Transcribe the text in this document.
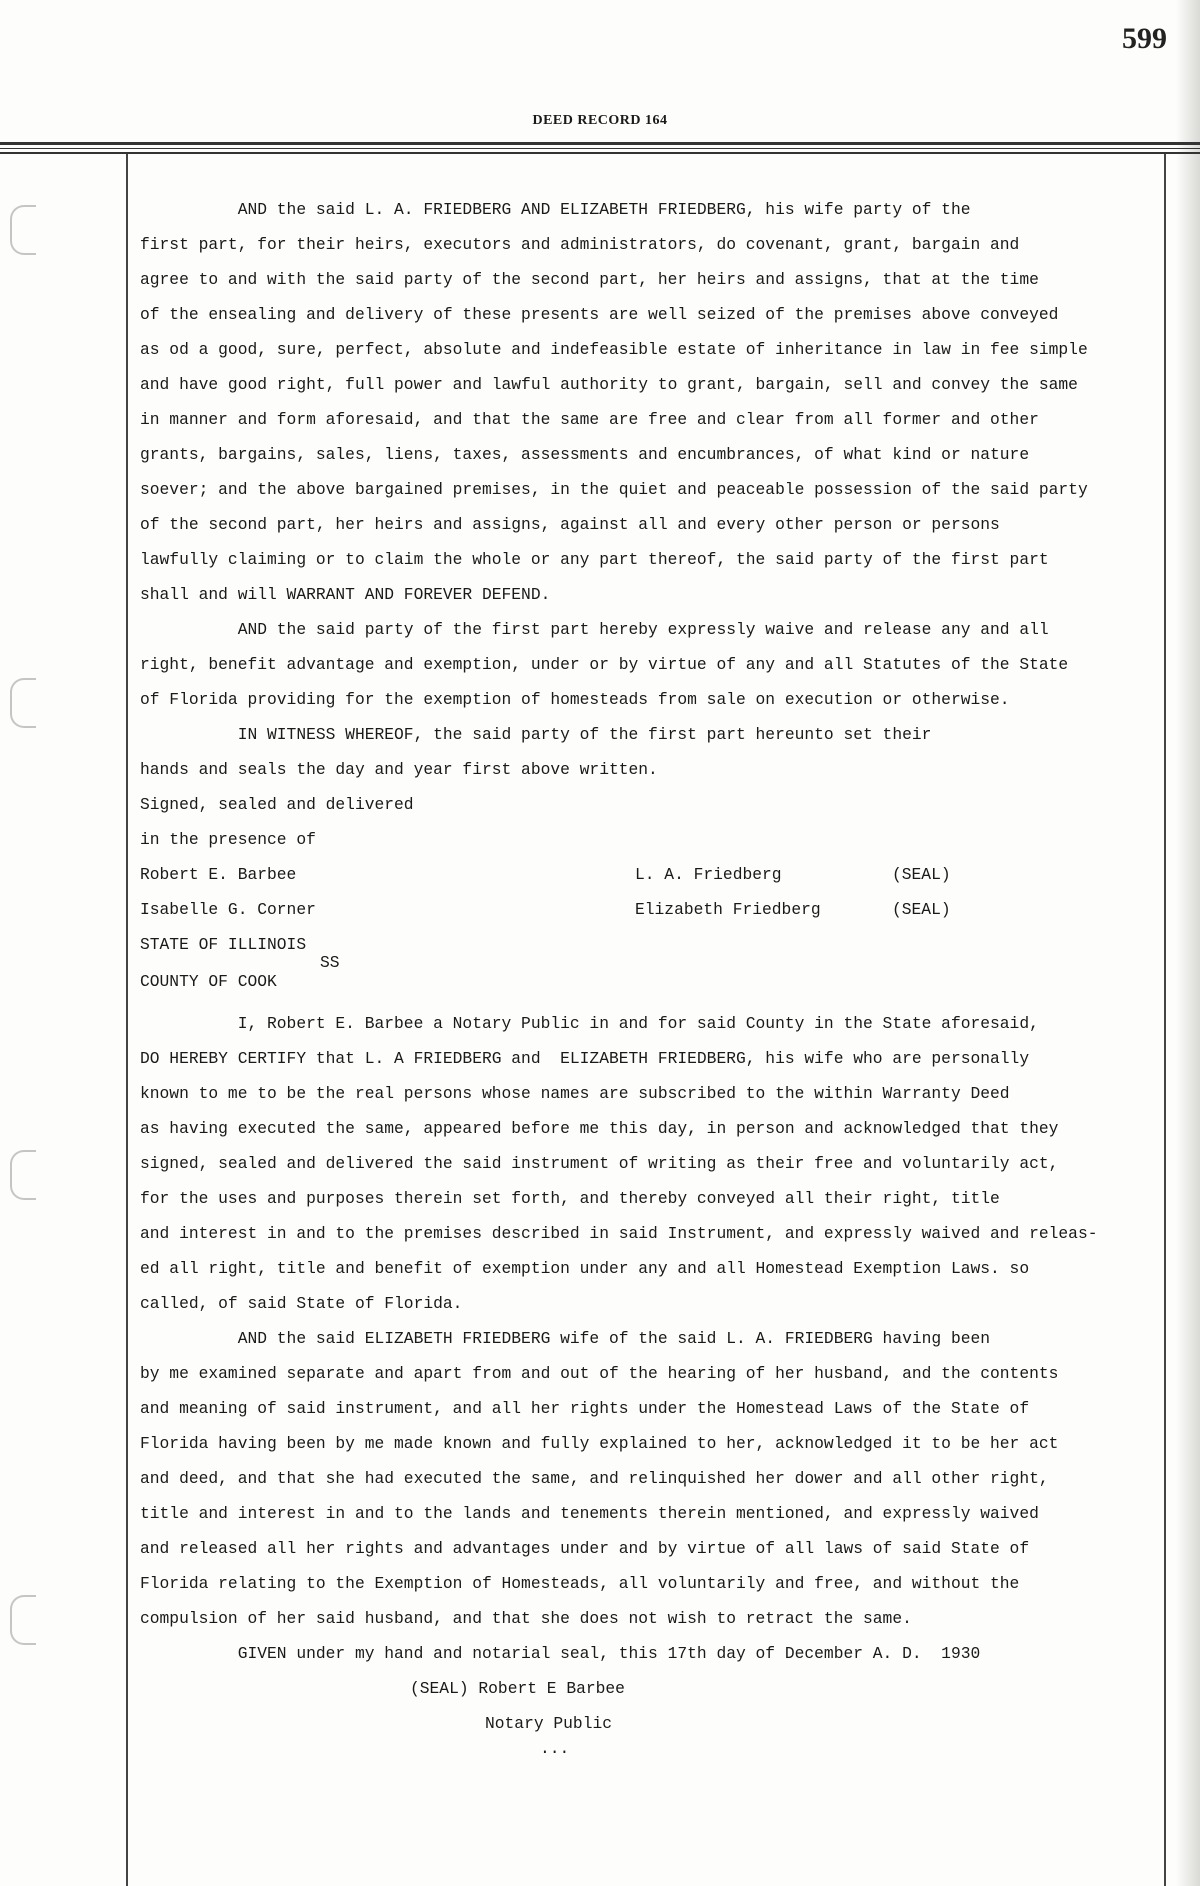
599
DEED RECORD 164
AND the said L. A. FRIEDBERG AND ELIZABETH FRIEDBERG, his wife party of the
first part, for their heirs, executors and administrators, do covenant, grant, bargain and
agree to and with the said party of the second part, her heirs and assigns, that at the time
of the ensealing and delivery of these presents are well seized of the premises above conveyed
as od a good, sure, perfect, absolute and indefeasible estate of inheritance in law in fee simple
and have good right, full power and lawful authority to grant, bargain, sell and convey the same
in manner and form aforesaid, and that the same are free and clear from all former and other
grants, bargains, sales, liens, taxes, assessments and encumbrances, of what kind or nature
soever; and the above bargained premises, in the quiet and peaceable possession of the said party
of the second part, her heirs and assigns, against all and every other person or persons
lawfully claiming or to claim the whole or any part thereof, the said party of the first part
shall and will WARRANT AND FOREVER DEFEND.
AND the said party of the first part hereby expressly waive and release any and all
right, benefit advantage and exemption, under or by virtue of any and all Statutes of the State
of Florida providing for the exemption of homesteads from sale on execution or otherwise.
IN WITNESS WHEREOF, the said party of the first part hereunto set their
hands and seals the day and year first above written.
Signed, sealed and delivered
in the presence of
Robert E. Barbee	L. A. Friedberg	(SEAL)
Isabelle G. Corner	Elizabeth Friedberg	(SEAL)
STATE OF ILLINOIS
SS
COUNTY OF COOK
I, Robert E. Barbee a Notary Public in and for said County in the State aforesaid,
DO HEREBY CERTIFY that L. A FRIEDBERG and  ELIZABETH FRIEDBERG, his wife who are personally
known to me to be the real persons whose names are subscribed to the within Warranty Deed
as having executed the same, appeared before me this day, in person and acknowledged that they
signed, sealed and delivered the said instrument of writing as their free and voluntarily act,
for the uses and purposes therein set forth, and thereby conveyed all their right, title
and interest in and to the premises described in said Instrument, and expressly waived and releas-
ed all right, title and benefit of exemption under any and all Homestead Exemption Laws. so
called, of said State of Florida.
AND the said ELIZABETH FRIEDBERG wife of the said L. A. FRIEDBERG having been
by me examined separate and apart from and out of the hearing of her husband, and the contents
and meaning of said instrument, and all her rights under the Homestead Laws of the State of
Florida having been by me made known and fully explained to her, acknowledged it to be her act
and deed, and that she had executed the same, and relinquished her dower and all other right,
title and interest in and to the lands and tenements therein mentioned, and expressly waived
and released all her rights and advantages under and by virtue of all laws of said State of
Florida relating to the Exemption of Homesteads, all voluntarily and free, and without the
compulsion of her said husband, and that she does not wish to retract the same.
GIVEN under my hand and notarial seal, this 17th day of December A. D.  1930
(SEAL) Robert E Barbee
Notary Public
...
